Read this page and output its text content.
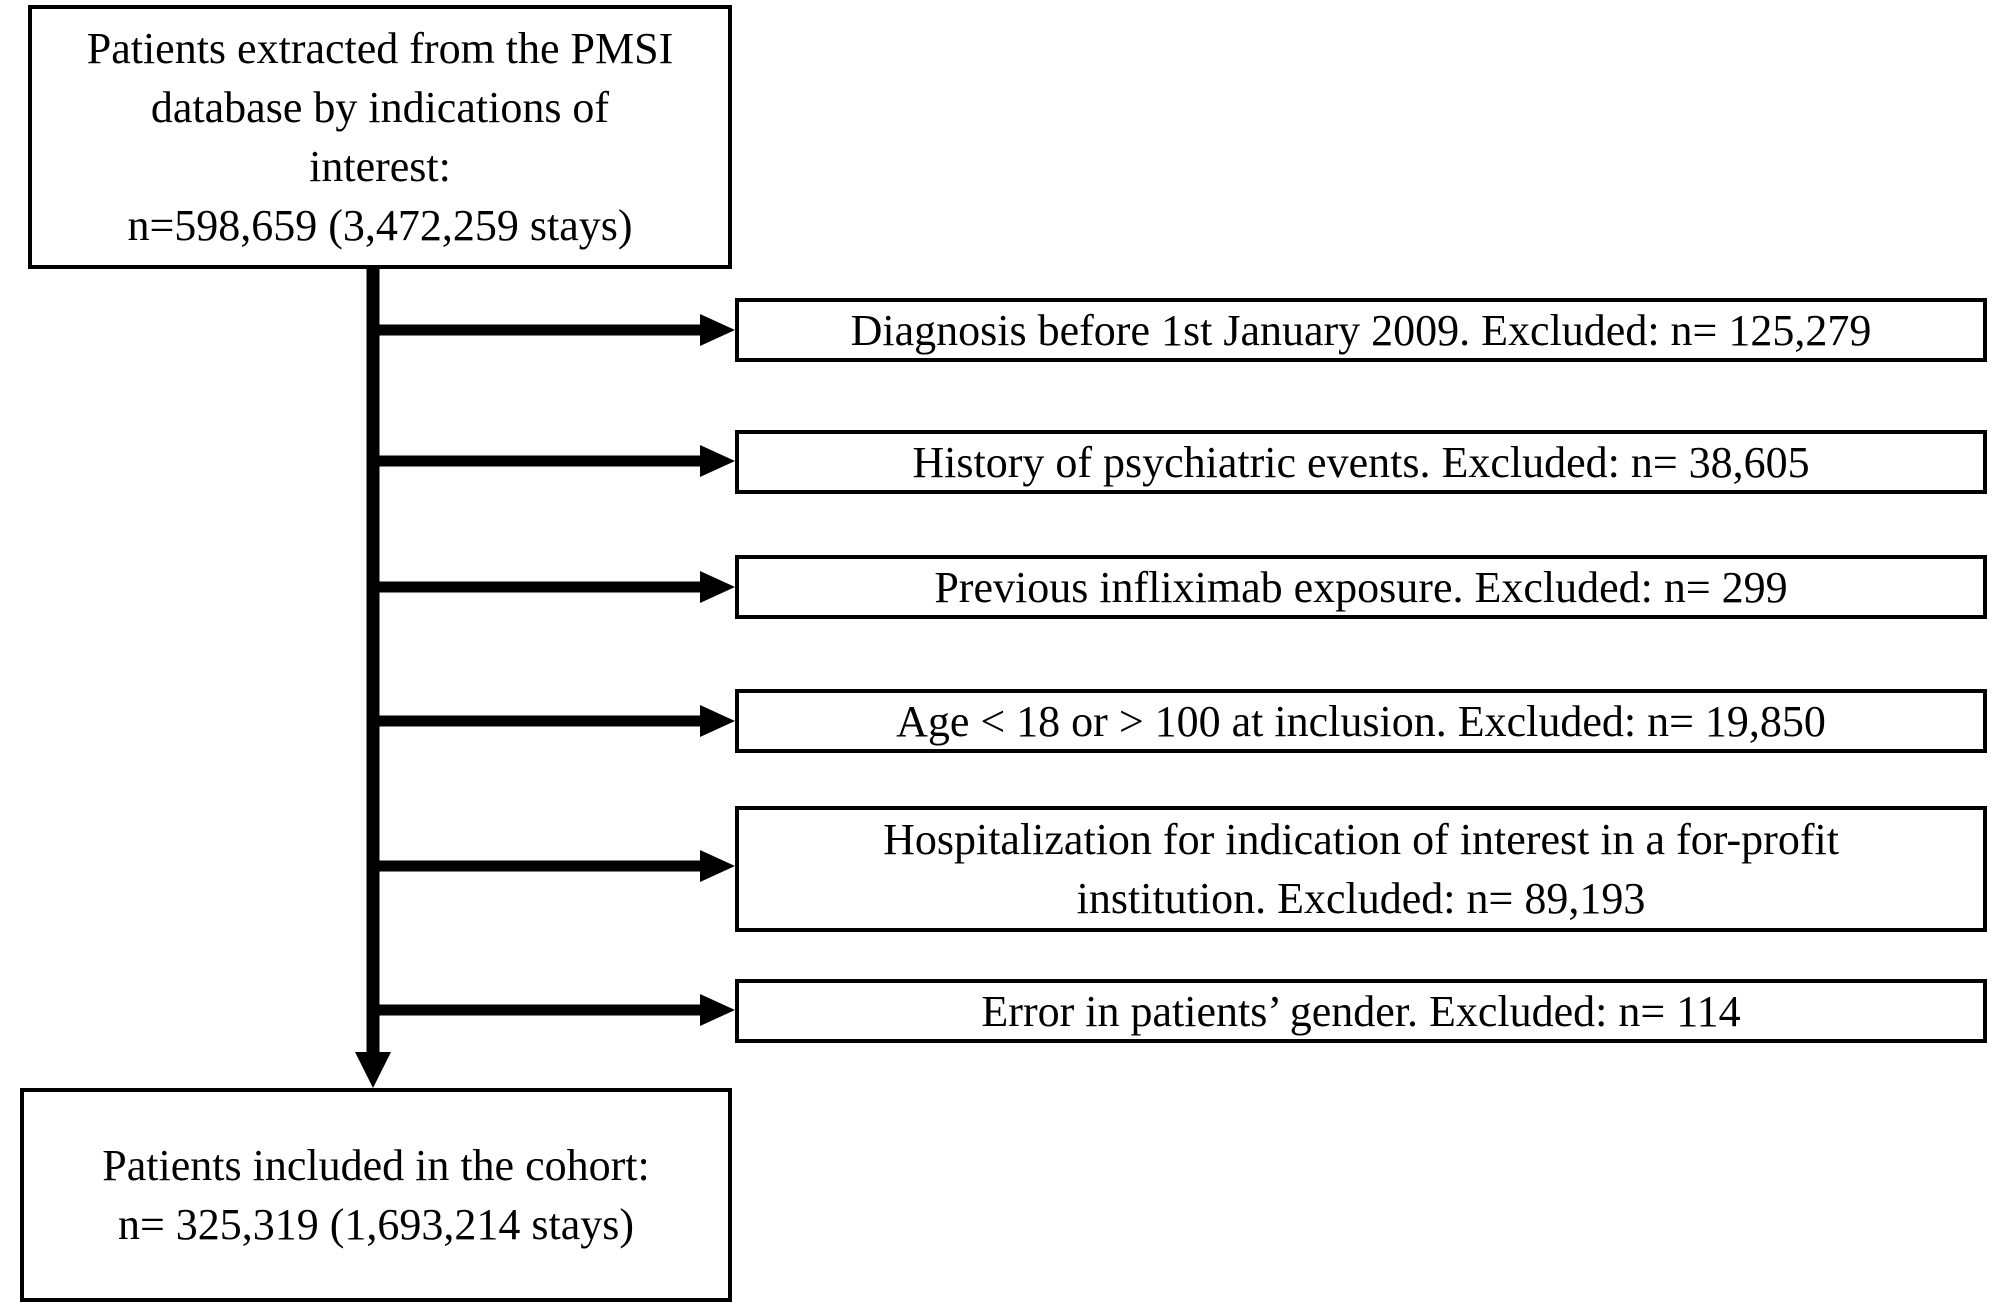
Patients extracted from the PMSI
database by indications of
interest:
n=598,659 (3,472,259 stays)
Diagnosis before 1st January 2009. Excluded: n= 125,279
History of psychiatric events. Excluded: n= 38,605
Previous infliximab exposure. Excluded: n= 299
Age < 18 or > 100 at inclusion. Excluded: n= 19,850
Hospitalization for indication of interest in a for-profit
institution. Excluded: n= 89,193
Error in patients’ gender. Excluded: n= 114
Patients included in the cohort:
n= 325,319 (1,693,214 stays)
